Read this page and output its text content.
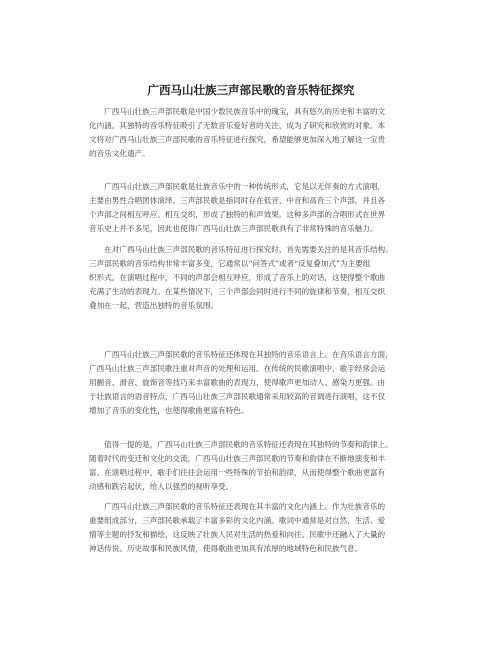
广西马山壮族三声部民歌的音乐特征探究
　　广西马山壮族三声部民歌是中国少数民族音乐中的瑰宝，具有悠久的历史和丰富的文
化内涵。其独特的音乐特征吸引了无数音乐爱好者的关注，成为了研究和欣赏的对象。本
文将对广西马山壮族三声部民歌的音乐特征进行探究，希望能够更加深入地了解这一宝贵
的音乐文化遗产。
　　广西马山壮族三声部民歌是壮族音乐中的一种传统形式，它是以无伴奏的方式演唱，
主要由男性合唱团体演绎。三声部民歌是指同时存在低音、中音和高音三个声部，并且各
个声部之间相互呼应、相互交织，形成了独特的和声效果。这种多声部的合唱形式在世界
音乐史上并不多见，因此也使得广西马山壮族三声部民歌具有了非常特殊的音乐魅力。
　　在对广西马山壮族三声部民歌的音乐特征进行探究时，首先需要关注的是其音乐结构。
三声部民歌的音乐结构非常丰富多变，它通常以“问答式”或者“反复叠加式”为主要组
织形式。在演唱过程中，不同的声部会相互呼应，形成了音乐上的对话，这使得整个歌曲
充满了生动的表现力。在某些情况下，三个声部会同时进行不同的旋律和节奏，相互交织
叠加在一起，营造出独特的音乐氛围。
　　广西马山壮族三声部民歌的音乐特征还体现在其独特的音乐语言上。在音乐语言方面，
广西马山壮族三声部民歌注重对声音的处理和运用。在传统的民歌演唱中，歌手经常会运
用颤音、滑音、旋饰音等技巧来丰富歌曲的表现力，使得歌声更加动人、感染力更强。由
于壮族语言的语音特点，广西马山壮族三声部民歌通常采用较高的音调进行演唱，这不仅
增加了音乐的变化性，也使得歌曲更富有特色。
　　值得一提的是，广西马山壮族三声部民歌的音乐特征还表现在其独特的节奏和韵律上。
随着时代的变迁和文化的交流，广西马山壮族三声部民歌的节奏和韵律在不断地演变和丰
富。在演唱过程中，歌手们往往会运用一些特殊的节拍和韵律，从而使得整个歌曲更富有
动感和跌宕起伏，给人以强烈的视听享受。
　　广西马山壮族三声部民歌的音乐特征还表现在其丰富的文化内涵上。作为壮族音乐的
重要组成部分，三声部民歌承载了丰富多彩的文化内涵。歌词中通常是对自然、生活、爱
情等主题的抒发和描绘，这反映了壮族人民对生活的热爱和向往。民歌中还融入了大量的
神话传说、历史故事和民族风情，使得歌曲更加具有浓厚的地域特色和民族气息。
